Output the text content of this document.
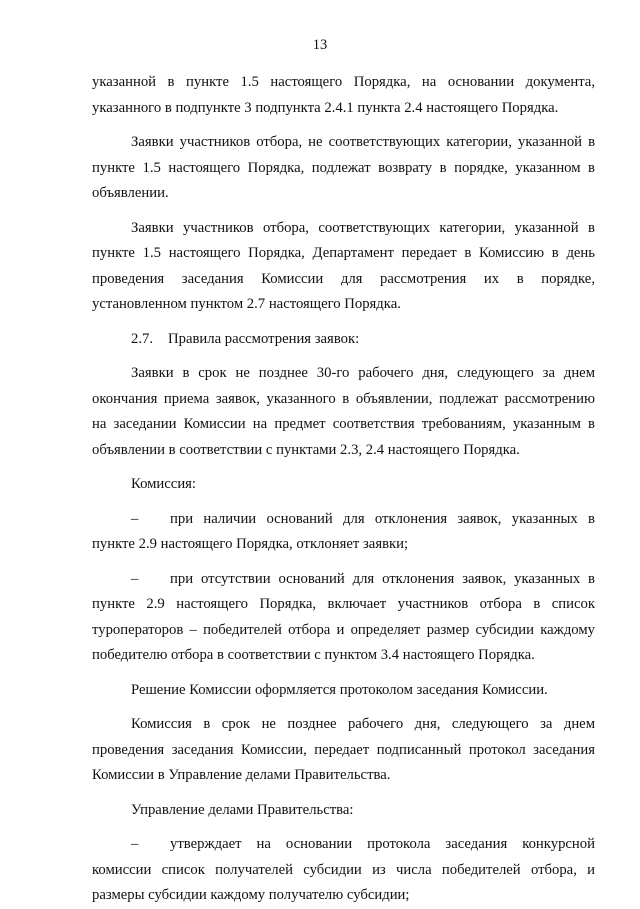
13
указанной в пункте 1.5 настоящего Порядка, на основании документа,
указанного в подпункте 3 подпункта 2.4.1 пункта 2.4 настоящего Порядка.
Заявки участников отбора, не соответствующих категории, указанной в
пункте 1.5 настоящего Порядка, подлежат возврату в порядке, указанном в
объявлении.
Заявки участников отбора, соответствующих категории, указанной в
пункте 1.5 настоящего Порядка, Департамент передает в Комиссию в день
проведения заседания Комиссии для рассмотрения их в порядке,
установленном пунктом 2.7 настоящего Порядка.
2.7. Правила рассмотрения заявок:
Заявки в срок не позднее 30-го рабочего дня, следующего за днем
окончания приема заявок, указанного в объявлении, подлежат рассмотрению
на заседании Комиссии на предмет соответствия требованиям, указанным в
объявлении в соответствии с пунктами 2.3, 2.4 настоящего Порядка.
Комиссия:
–	при наличии оснований для отклонения заявок, указанных в
пункте 2.9 настоящего Порядка, отклоняет заявки;
–	при отсутствии оснований для отклонения заявок, указанных в
пункте 2.9 настоящего Порядка, включает участников отбора в список
туроператоров – победителей отбора и определяет размер субсидии каждому
победителю отбора в соответствии с пунктом 3.4 настоящего Порядка.
Решение Комиссии оформляется протоколом заседания Комиссии.
Комиссия в срок не позднее рабочего дня, следующего за днем
проведения заседания Комиссии, передает подписанный протокол заседания
Комиссии в Управление делами Правительства.
Управление делами Правительства:
–	утверждает на основании протокола заседания конкурсной
комиссии список получателей субсидии из числа победителей отбора, и
размеры субсидии каждому получателю субсидии;
